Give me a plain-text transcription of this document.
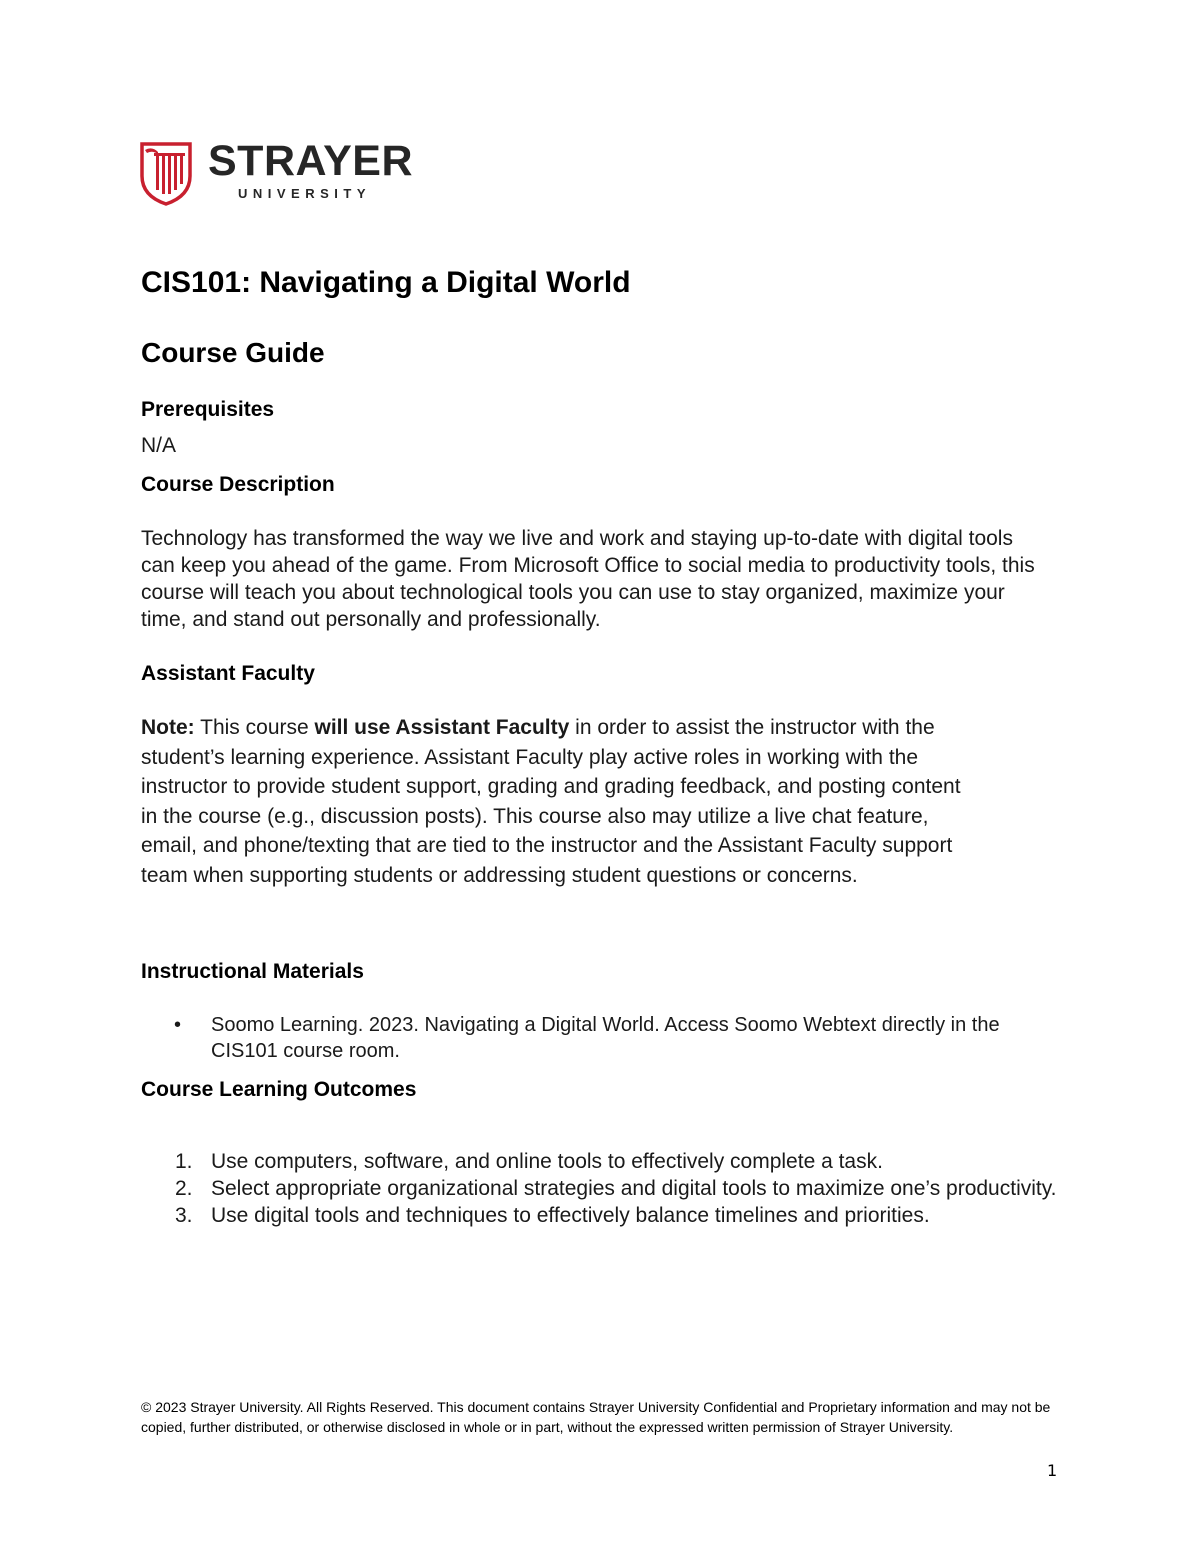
STRAYER
UNIVERSITY
CIS101: Navigating a Digital World
Course Guide
Prerequisites
N/A
Course Description
Technology has transformed the way we live and work and staying up-to-date with digital tools can keep you ahead of the game. From Microsoft Office to social media to productivity tools, this course will teach you about technological tools you can use to stay organized, maximize your time, and stand out personally and professionally.
Assistant Faculty
Note: This course will use Assistant Faculty in order to assist the instructor with the student’s learning experience. Assistant Faculty play active roles in working with the instructor to provide student support, grading and grading feedback, and posting content in the course (e.g., discussion posts). This course also may utilize a live chat feature, email, and phone/texting that are tied to the instructor and the Assistant Faculty support team when supporting students or addressing student questions or concerns.
Instructional Materials
• Soomo Learning. 2023. Navigating a Digital World. Access Soomo Webtext directly in the CIS101 course room.
Course Learning Outcomes
1. Use computers, software, and online tools to effectively complete a task.
2. Select appropriate organizational strategies and digital tools to maximize one’s productivity.
3. Use digital tools and techniques to effectively balance timelines and priorities.
© 2023 Strayer University. All Rights Reserved. This document contains Strayer University Confidential and Proprietary information and may not be copied, further distributed, or otherwise disclosed in whole or in part, without the expressed written permission of Strayer University.
1
